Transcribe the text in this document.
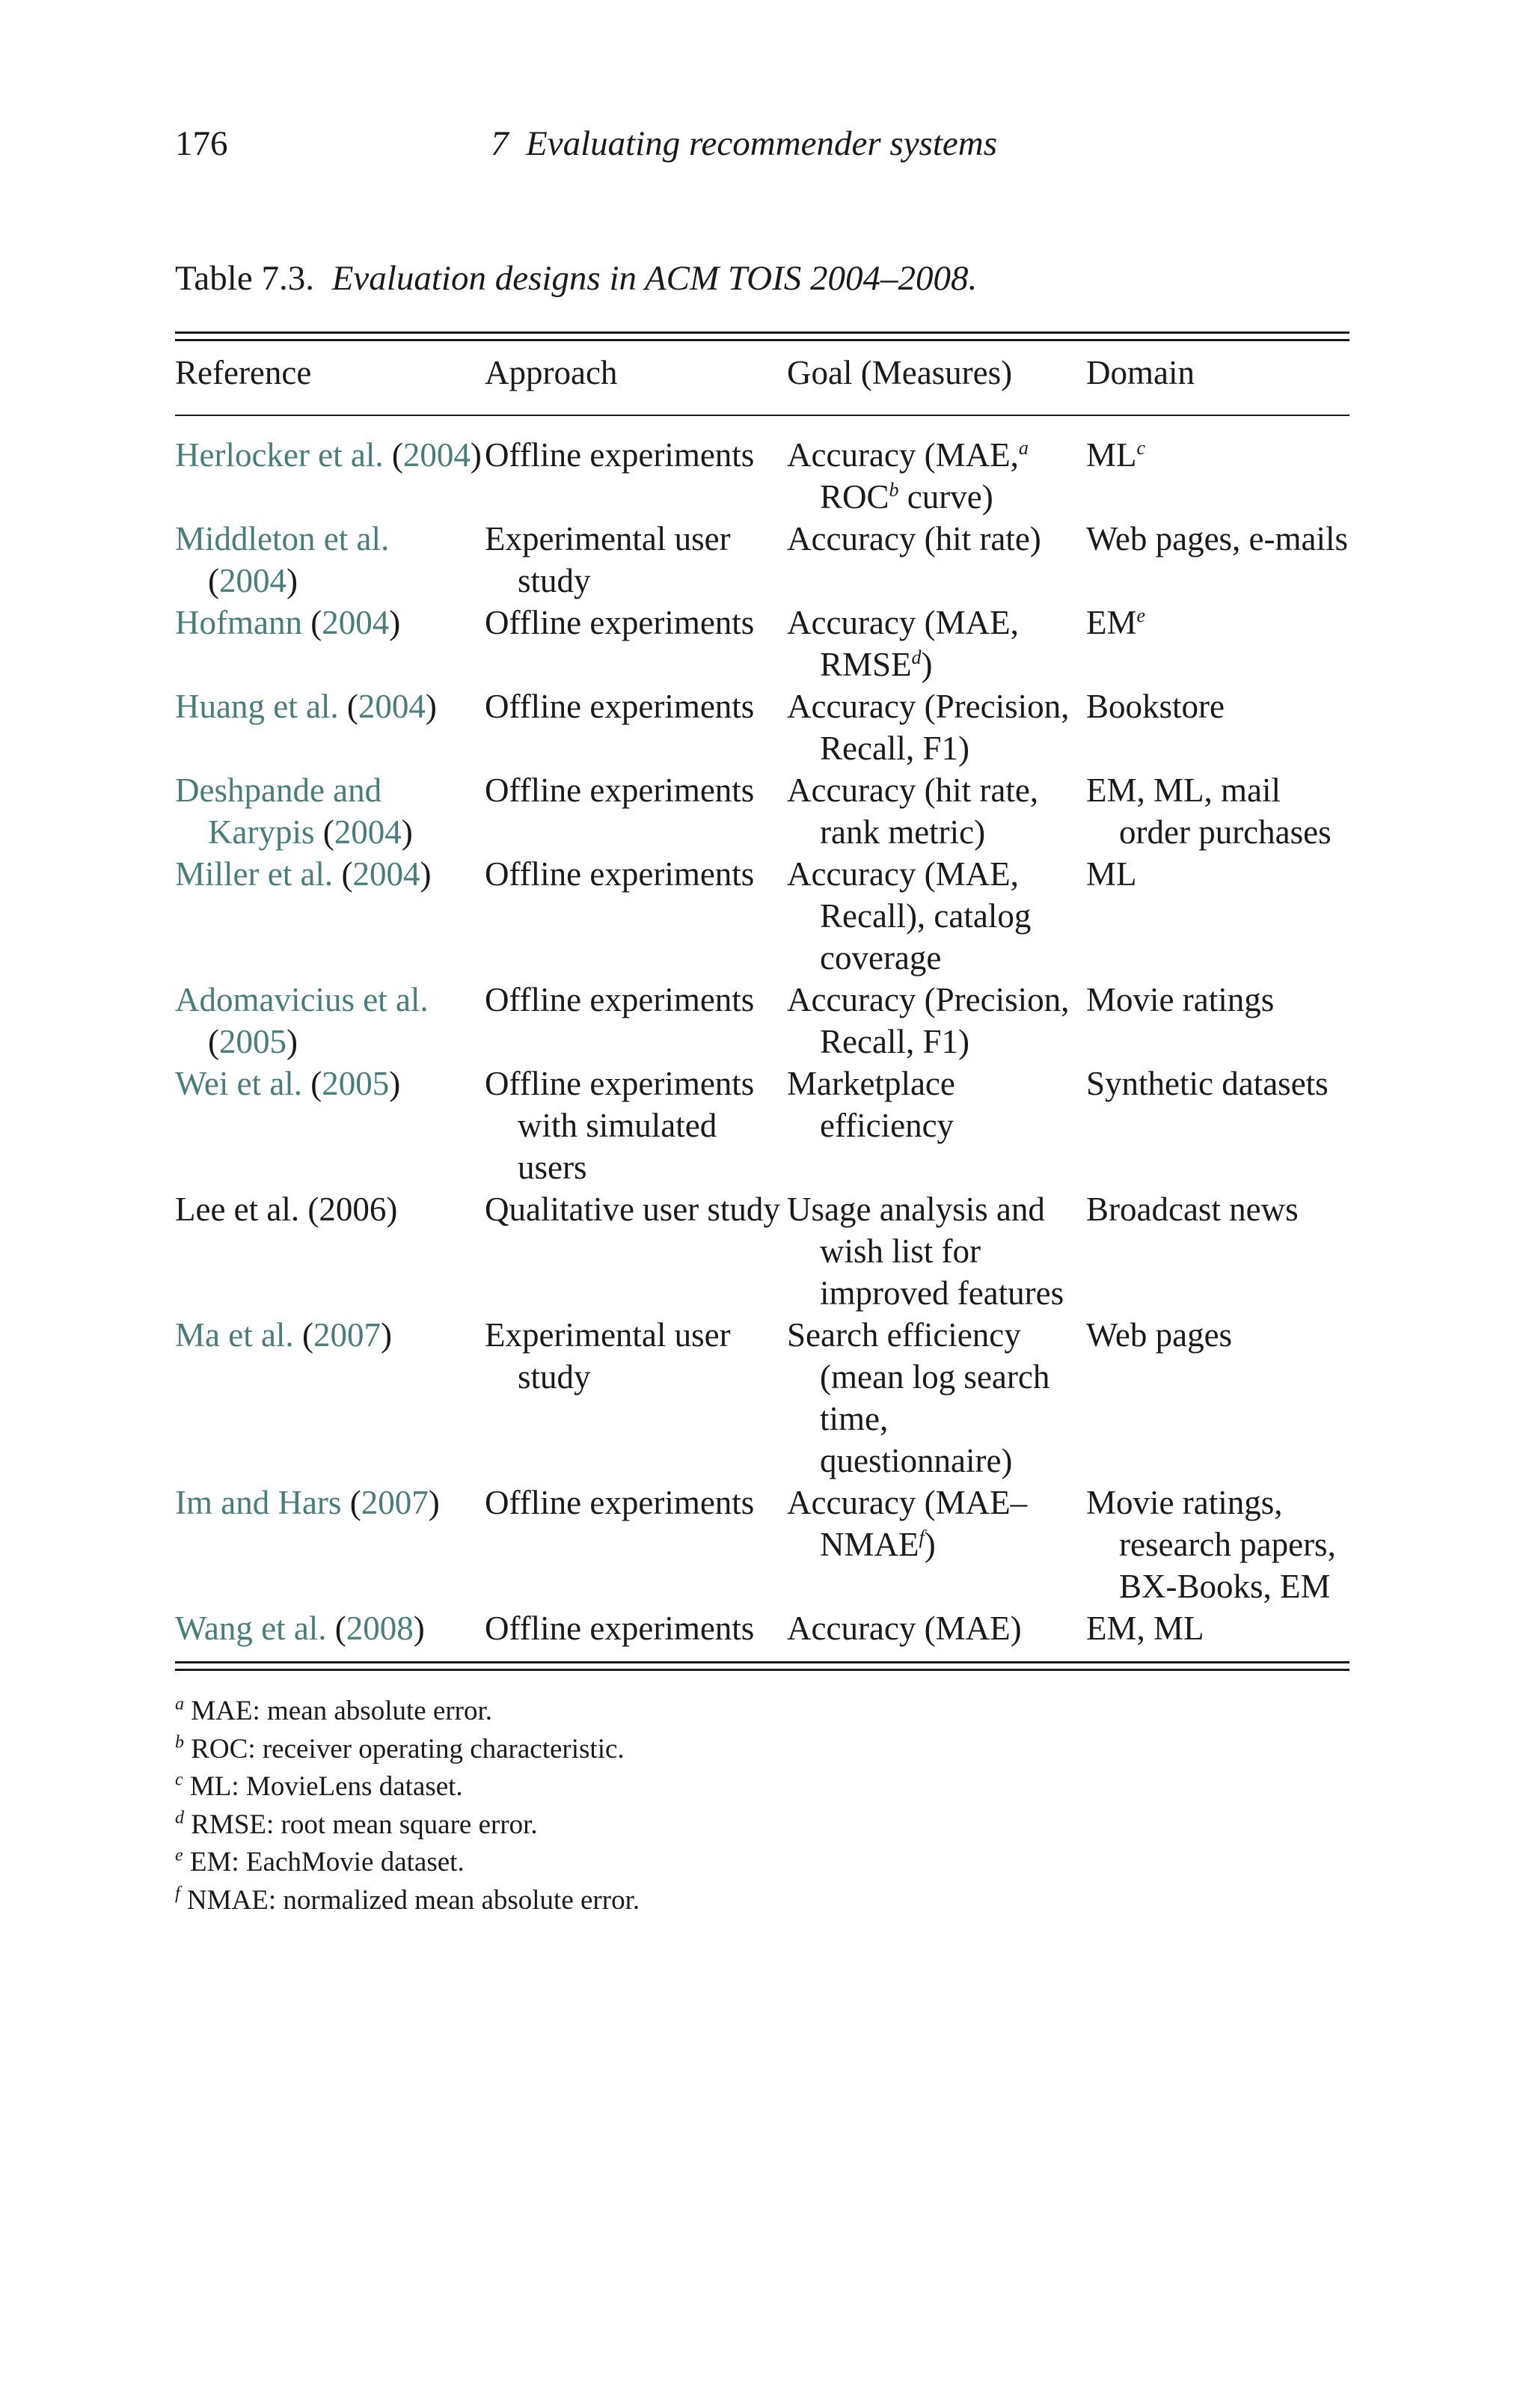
176	7  Evaluating recommender systems
Table 7.3. Evaluation designs in ACM TOIS 2004–2008.
Reference	Approach	Goal (Measures)	Domain

Herlocker et al. (2004)	Offline experiments	Accuracy (MAE,$^a$ ROC$^b$ curve)	$ML^c$

Middleton et al. (2004)	Experimental user study	Accuracy (hit rate)	Web pages, e-mails

Hofmann (2004)	Offline experiments	Accuracy (MAE, RMSE$^d$)	$EM^e$

Huang et al. (2004)	Offline experiments	Accuracy (Precision, Recall, F1)	Bookstore

Deshpande and Karypis (2004)	Offline experiments	Accuracy (hit rate, rank metric)	EM, ML, mail order purchases

Miller et al. (2004)	Offline experiments	Accuracy (MAE, Recall), catalog coverage	ML

Adomavicius et al. (2005)	Offline experiments	Accuracy (Precision, Recall, F1)	Movie ratings

Wei et al. (2005)	Offline experiments with simulated users	Marketplace efficiency	Synthetic datasets

Lee et al. (2006)	Qualitative user study	Usage analysis and wish list for improved features	Broadcast news

Ma et al. (2007)	Experimental user study	Search efficiency (mean log search time, questionnaire)	Web pages

Im and Hars (2007)	Offline experiments	Accuracy (MAE–NMAE$^f$)	Movie ratings, research papers, BX-Books, EM

Wang et al. (2008)	Offline experiments	Accuracy (MAE)	EM, ML
$^a$ MAE: mean absolute error.
$^b$ ROC: receiver operating characteristic.
$^c$ ML: MovieLens dataset.
$^d$ RMSE: root mean square error.
$^e$ EM: EachMovie dataset.
$^f$ NMAE: normalized mean absolute error.
